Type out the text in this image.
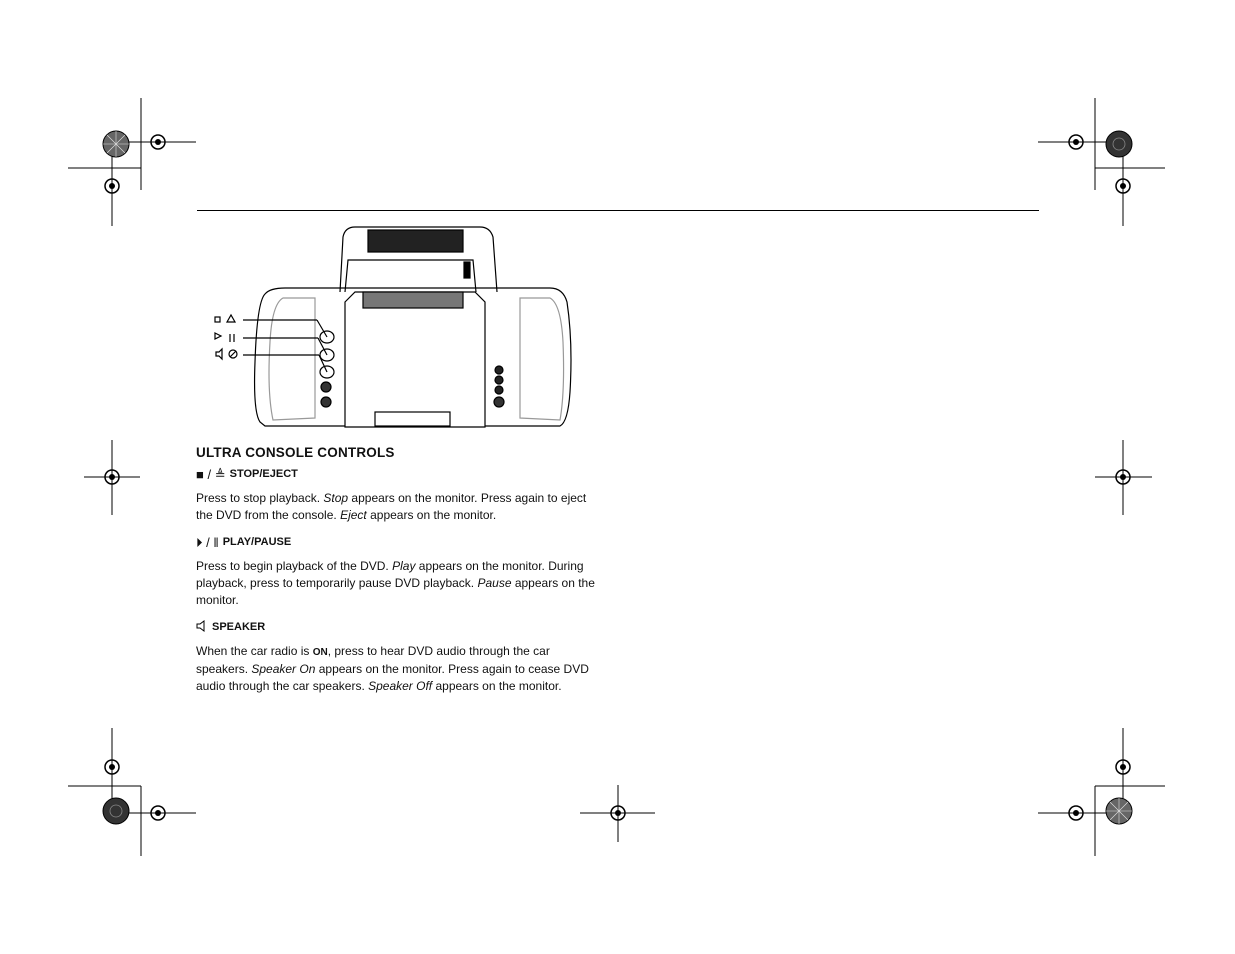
ULTRA CONSOLE CONTROLS
■ / ≜ STOP/EJECT

Press to stop playback. Stop appears on the monitor. Press again to eject the DVD from the console. Eject appears on the monitor.

⏵ / ‖ PLAY/PAUSE

Press to begin playback of the DVD. Play appears on the monitor. During playback, press to temporarily pause DVD playback. Pause appears on the monitor.

SPEAKER

When the car radio is ON, press to hear DVD audio through the car speakers. Speaker On appears on the monitor. Press again to cease DVD audio through the car speakers. Speaker Off appears on the monitor.
